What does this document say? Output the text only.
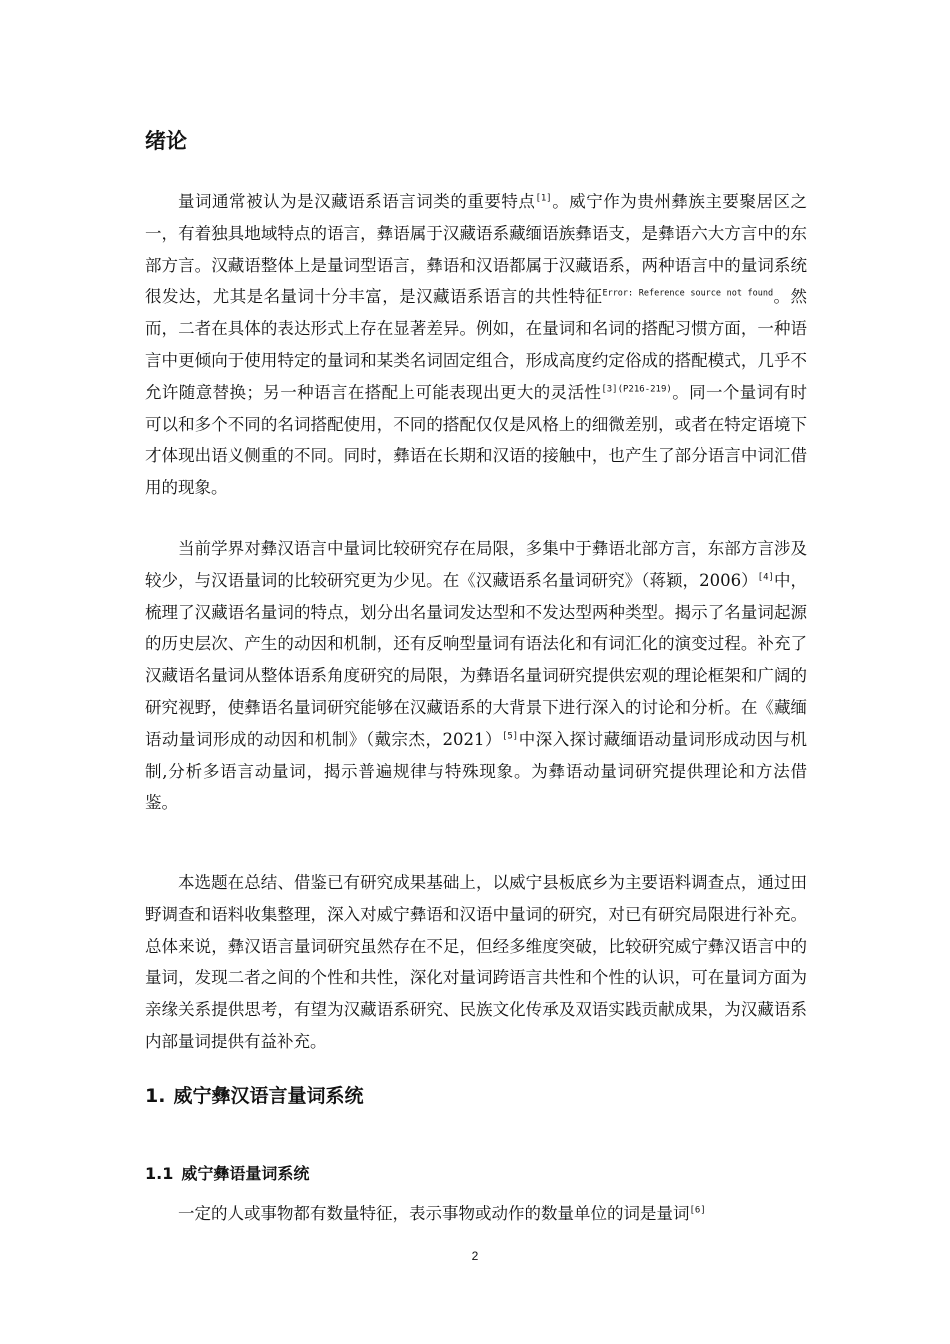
绪论

量词通常被认为是汉藏语系语言词类的重要特点[1]。威宁作为贵州彝族主要聚居区之一，有着独具地域特点的语言，彝语属于汉藏语系藏缅语族彝语支，是彝语六大方言中的东部方言。汉藏语整体上是量词型语言，彝语和汉语都属于汉藏语系，两种语言中的量词系统很发达，尤其是名量词十分丰富，是汉藏语系语言的共性特征$^{Error: Reference source not found}$。然而，二者在具体的表达形式上存在显著差异。例如，在量词和名词的搭配习惯方面，一种语言中更倾向于使用特定的量词和某类名词固定组合，形成高度约定俗成的搭配模式，几乎不允许随意替换；另一种语言在搭配上可能表现出更大的灵活性$^{[3](P216-219)}$。同一个量词有时可以和多个不同的名词搭配使用，不同的搭配仅仅是风格上的细微差别，或者在特定语境下才体现出语义侧重的不同。同时，彝语在长期和汉语的接触中，也产生了部分语言中词汇借用的现象。

当前学界对彝汉语言中量词比较研究存在局限，多集中于彝语北部方言，东部方言涉及较少，与汉语量词的比较研究更为少见。在《汉藏语系名量词研究》（蒋颖，2006）[4]中，梳理了汉藏语名量词的特点，划分出名量词发达型和不发达型两种类型。揭示了名量词起源的历史层次、产生的动因和机制，还有反响型量词有语法化和有词汇化的演变过程。补充了汉藏语名量词从整体语系角度研究的局限，为彝语名量词研究提供宏观的理论框架和广阔的研究视野，使彝语名量词研究能够在汉藏语系的大背景下进行深入的讨论和分析。在《藏缅语动量词形成的动因和机制》（戴宗杰，2021）[5]中深入探讨藏缅语动量词形成动因与机制,分析多语言动量词，揭示普遍规律与特殊现象。为彝语动量词研究提供理论和方法借鉴。

本选题在总结、借鉴已有研究成果基础上，以威宁县板底乡为主要语料调查点，通过田野调查和语料收集整理，深入对威宁彝语和汉语中量词的研究，对已有研究局限进行补充。总体来说，彝汉语言量词研究虽然存在不足，但经多维度突破，比较研究威宁彝汉语言中的量词，发现二者之间的个性和共性，深化对量词跨语言共性和个性的认识，可在量词方面为亲缘关系提供思考，有望为汉藏语系研究、民族文化传承及双语实践贡献成果，为汉藏语系内部量词提供有益补充。

1. 威宁彝汉语言量词系统
1.1 威宁彝语量词系统

一定的人或事物都有数量特征，表示事物或动作的数量单位的词是量词[6]

2
